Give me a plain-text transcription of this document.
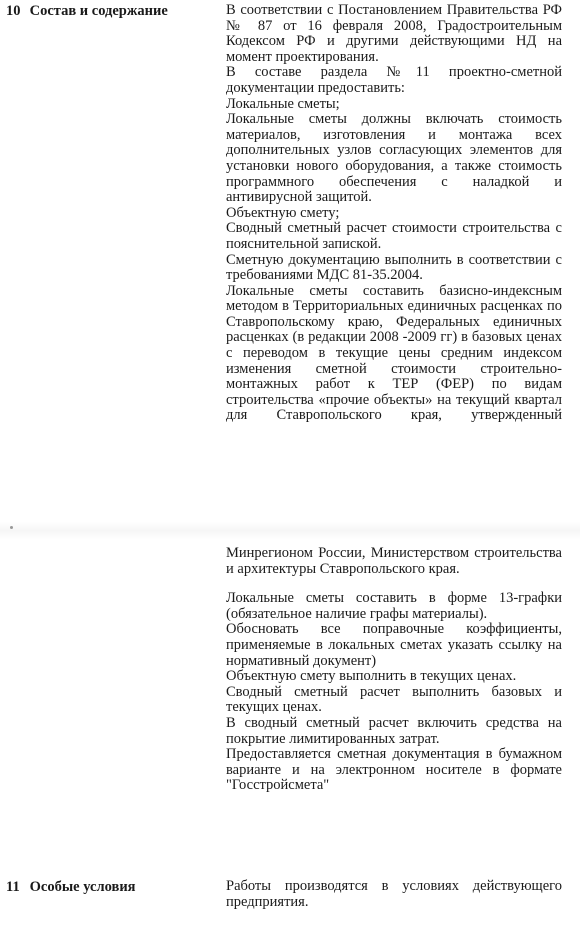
10 Состав и содержание	В соответствии с Постановлением Правительства РФ № 87 от 16 февраля 2008, Градостроительным Кодексом РФ и другими действующими НД на момент проектирования.

В составе раздела №11 проектно-сметной документации предоставить:

Локальные сметы;

Локальные сметы должны включать стоимость материалов, изготовления и монтажа всех дополнительных узлов согласующих элементов для установки нового оборудования, а также стоимость программного обеспечения с наладкой и антивирусной защитой.

Объектную смету;

Сводный сметный расчет стоимости строительства с пояснительной запиской.

Сметную документацию выполнить в соответствии с требованиями МДС 81-35.2004.

Локальные сметы составить базисно-индексным методом в Территориальных единичных расценках по Ставропольскому краю, Федеральных единичных расценках (в редакции 2008 -2009 гг) в базовых ценах с переводом в текущие цены средним индексом изменения сметной стоимости строительно-монтажных работ к ТЕР (ФЕР) по видам строительства «прочие объекты» на текущий квартал для Ставропольского края, утвержденный

Минрегионом России, Министерством строительства и архитектуры Ставропольского края.

Локальные сметы составить в форме 13-графки (обязательное наличие графы материалы).

Обосновать все поправочные коэффициенты, применяемые в локальных сметах указать ссылку на нормативный документ)

Объектную смету выполнить в текущих ценах.

Сводный сметный расчет выполнить базовых и текущих ценах.

В сводный сметный расчет включить средства на покрытие лимитированных затрат.

Предоставляется сметная документация в бумажном варианте и на электронном носителе в формате "Госстройсмета"

11 Особые условия	Работы производятся в условиях действующего предприятия.
